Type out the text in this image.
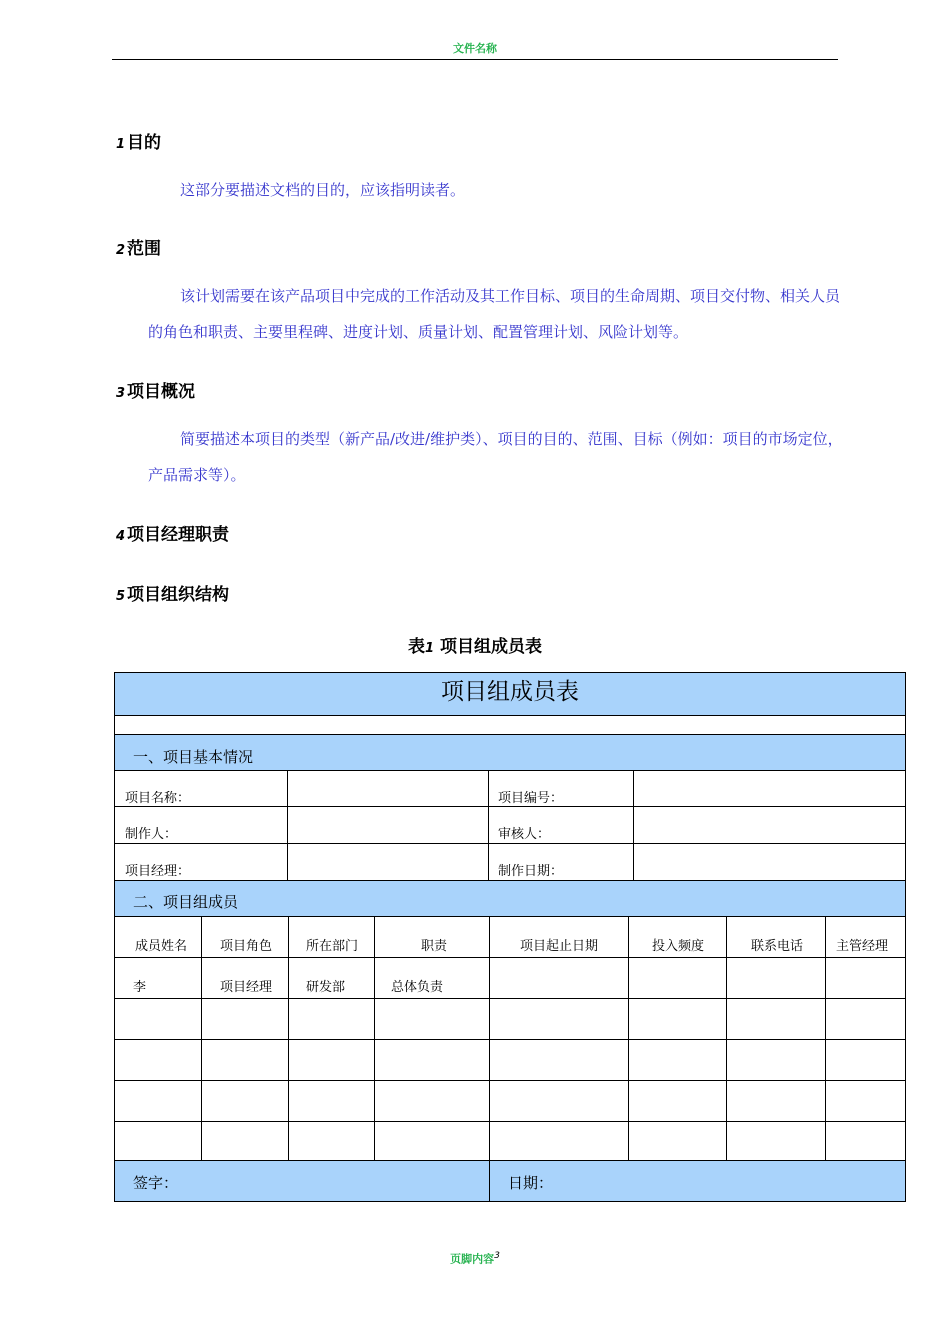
文件名称
1 目的
这部分要描述文档的目的，应该指明读者。
2 范围
该计划需要在该产品项目中完成的工作活动及其工作目标、项目的生命周期、项目交付物、相关人员的角色和职责、主要里程碑、进度计划、质量计划、配置管理计划、风险计划等。
3 项目概况
简要描述本项目的类型（新产品/改进/维护类）、项目的目的、范围、目标（例如：项目的市场定位，产品需求等）。
4 项目经理职责
5 项目组织结构
表1 项目组成员表
项目组成员表
一、项目基本情况
项目名称：	项目编号：
制作人：	审核人：
项目经理：	制作日期：
二、项目组成员
成员姓名	项目角色	所在部门	职责	项目起止日期	投入频度	联系电话	主管经理
李	项目经理	研发部	总体负责
签字：	日期：
页脚内容$^3$
